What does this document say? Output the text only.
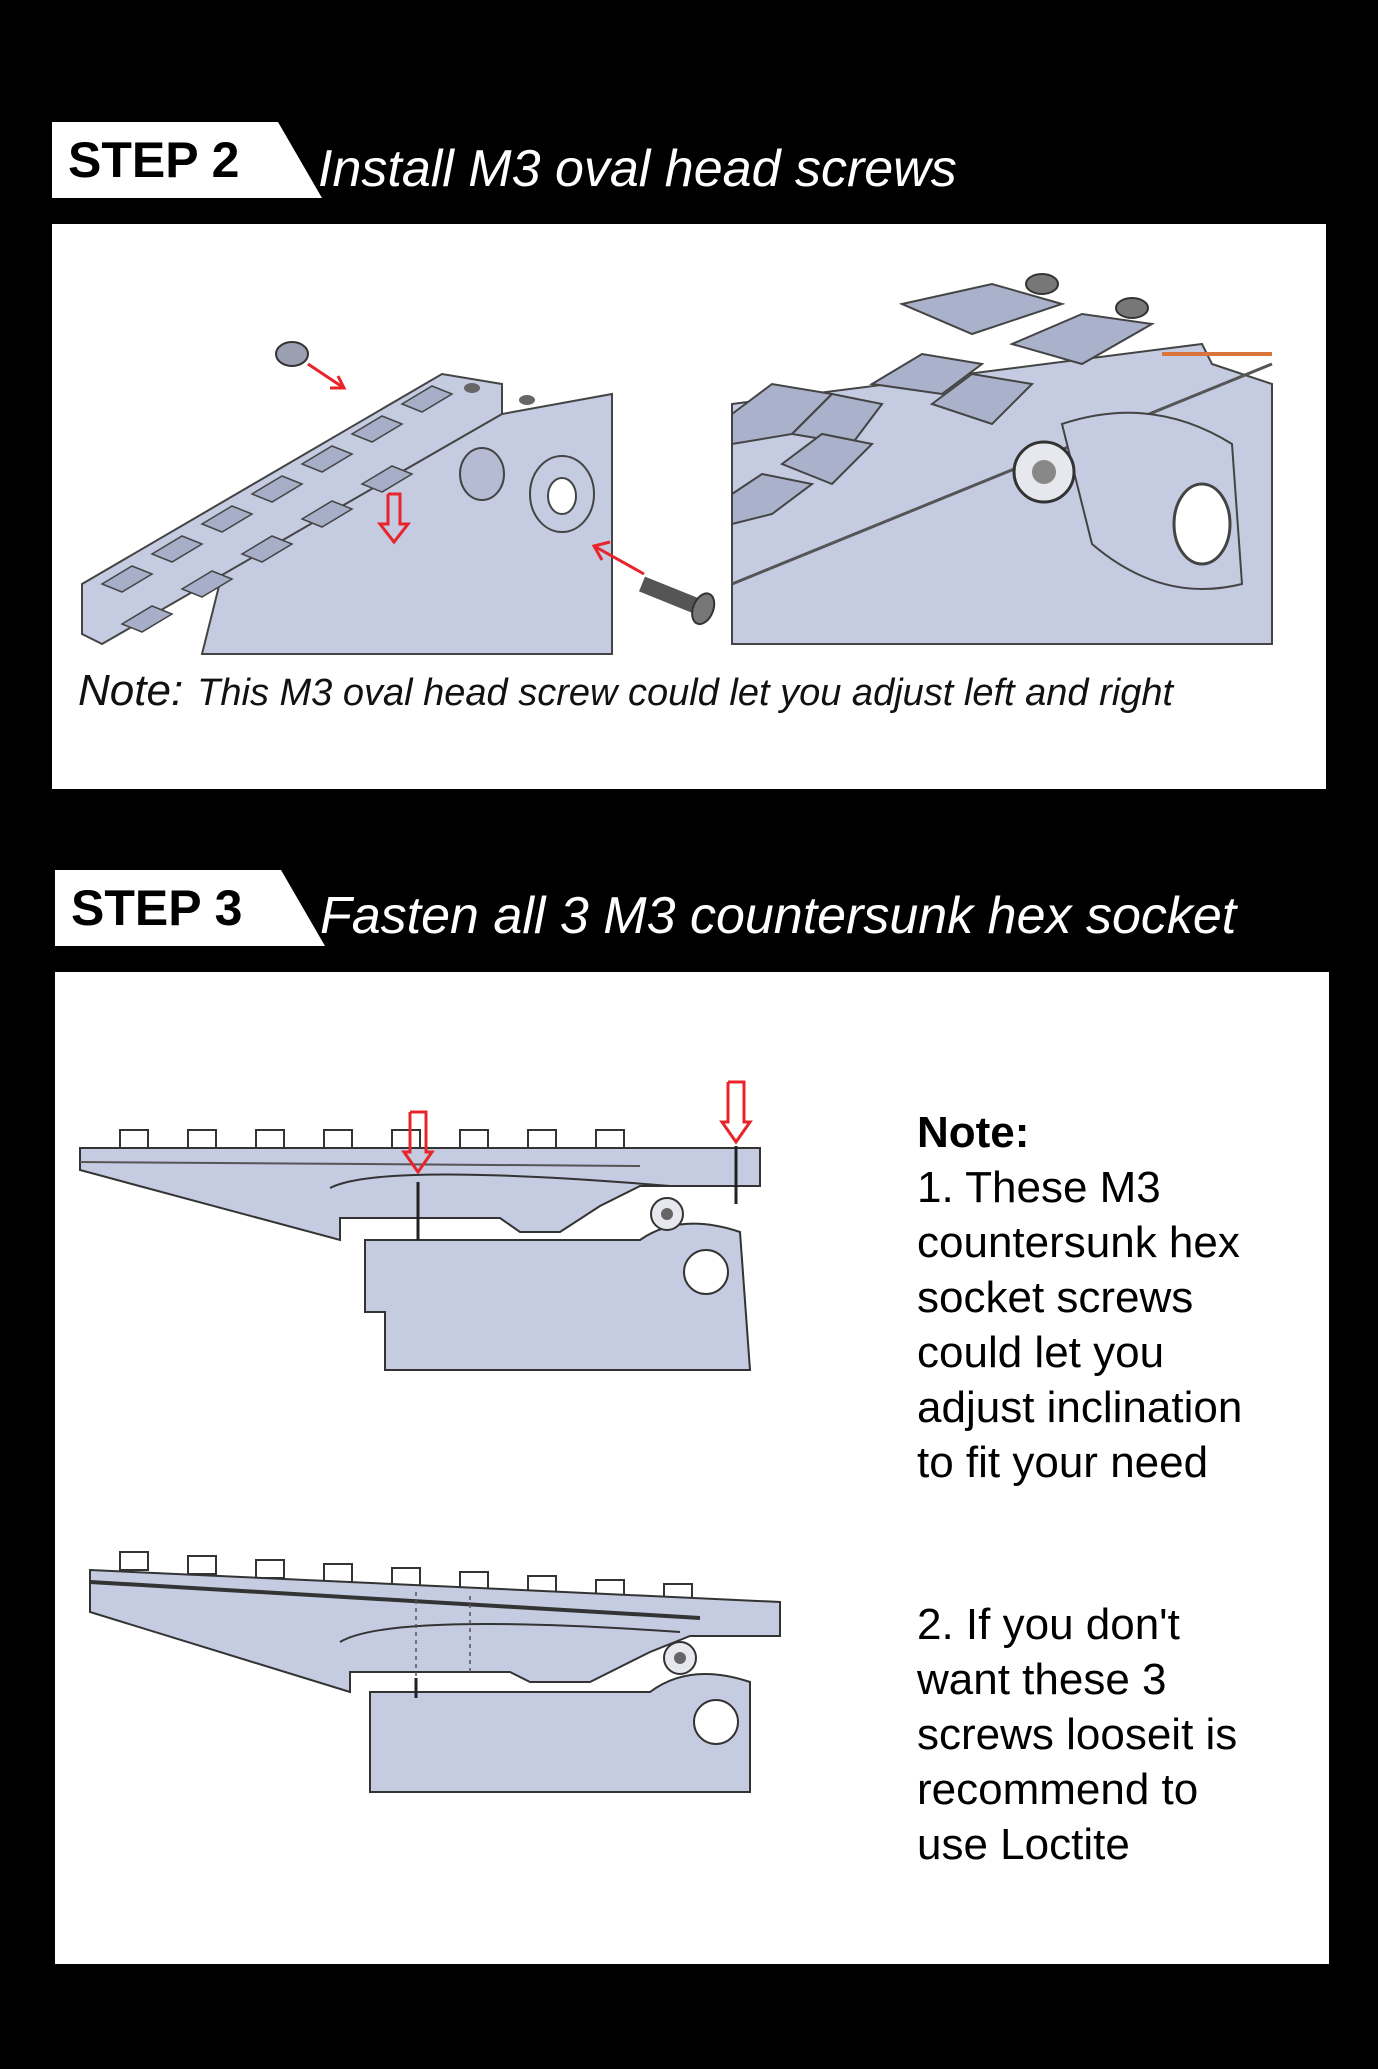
STEP 2 Install M3 oval head screws
Note: This M3 oval head screw could let you adjust left and right
STEP 3 Fasten all 3 M3 countersunk hex socket

Note:
1. These M3
countersunk hex
socket screws
could let you
adjust inclination
to fit your need

2. If you don't
want these 3
screws looseit is
recommend to
use Loctite
